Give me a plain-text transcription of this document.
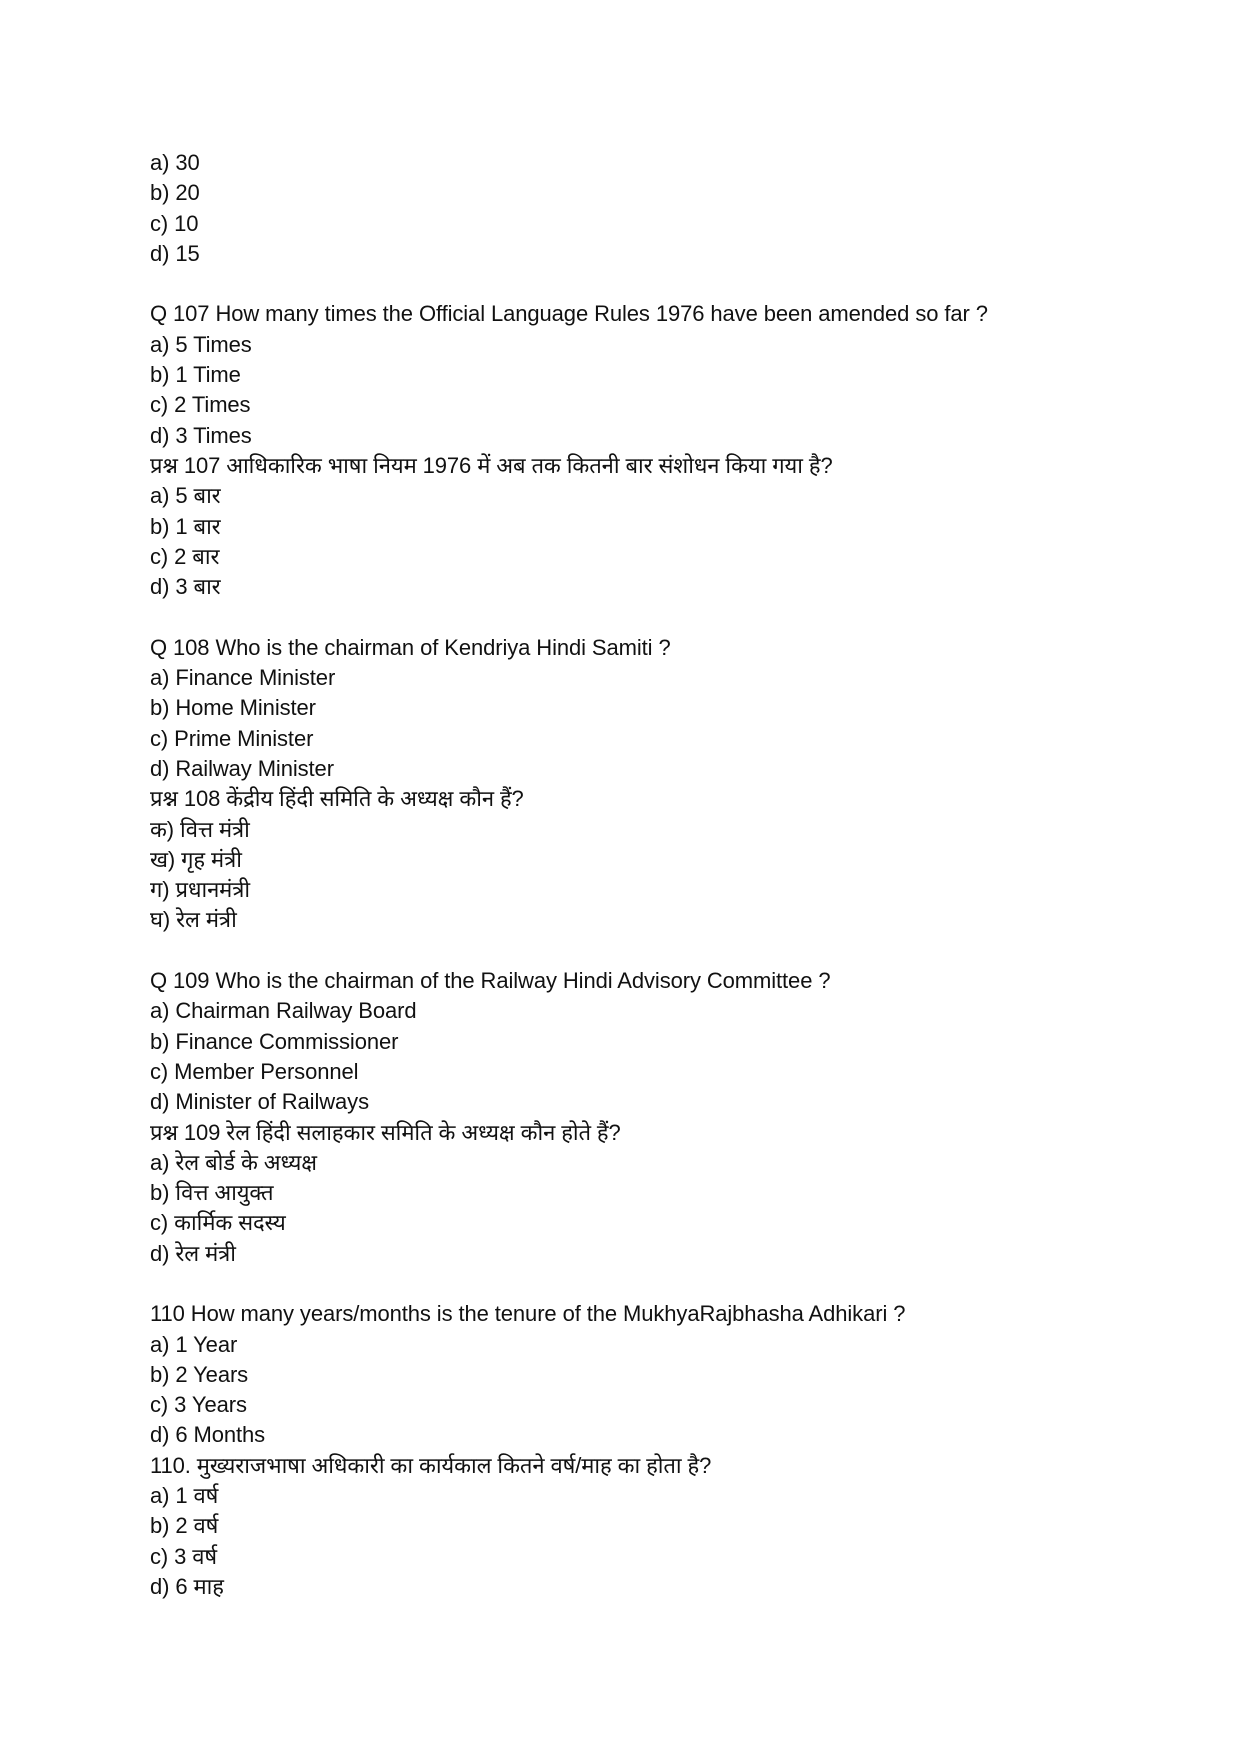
a) 30
b) 20
c) 10
d) 15
Q 107 How many times the Official Language Rules 1976 have been amended so far ?
a) 5 Times
b) 1 Time
c) 2 Times
d) 3 Times
प्रश्न 107 आधिकारिक भाषा नियम 1976 में अब तक कितनी बार संशोधन किया गया है?
a) 5 बार
b) 1 बार
c) 2 बार
d) 3 बार
Q 108 Who is the chairman of Kendriya Hindi Samiti ?
a) Finance Minister
b) Home Minister
c) Prime Minister
d) Railway Minister
प्रश्न 108 केंद्रीय हिंदी समिति के अध्यक्ष कौन हैं?
क) वित्त मंत्री
ख) गृह मंत्री
ग) प्रधानमंत्री
घ) रेल मंत्री
Q 109 Who is the chairman of the Railway Hindi Advisory Committee ?
a) Chairman Railway Board
b) Finance Commissioner
c) Member Personnel
d) Minister of Railways
प्रश्न 109 रेल हिंदी सलाहकार समिति के अध्यक्ष कौन होते हैं?
a) रेल बोर्ड के अध्यक्ष
b) वित्त आयुक्त
c) कार्मिक सदस्य
d) रेल मंत्री
110 How many years/months is the tenure of the MukhyaRajbhasha Adhikari ?
a) 1 Year
b) 2 Years
c) 3 Years
d) 6 Months
110. मुख्यराजभाषा अधिकारी का कार्यकाल कितने वर्ष/माह का होता है?
a) 1 वर्ष
b) 2 वर्ष
c) 3 वर्ष
d) 6 माह
